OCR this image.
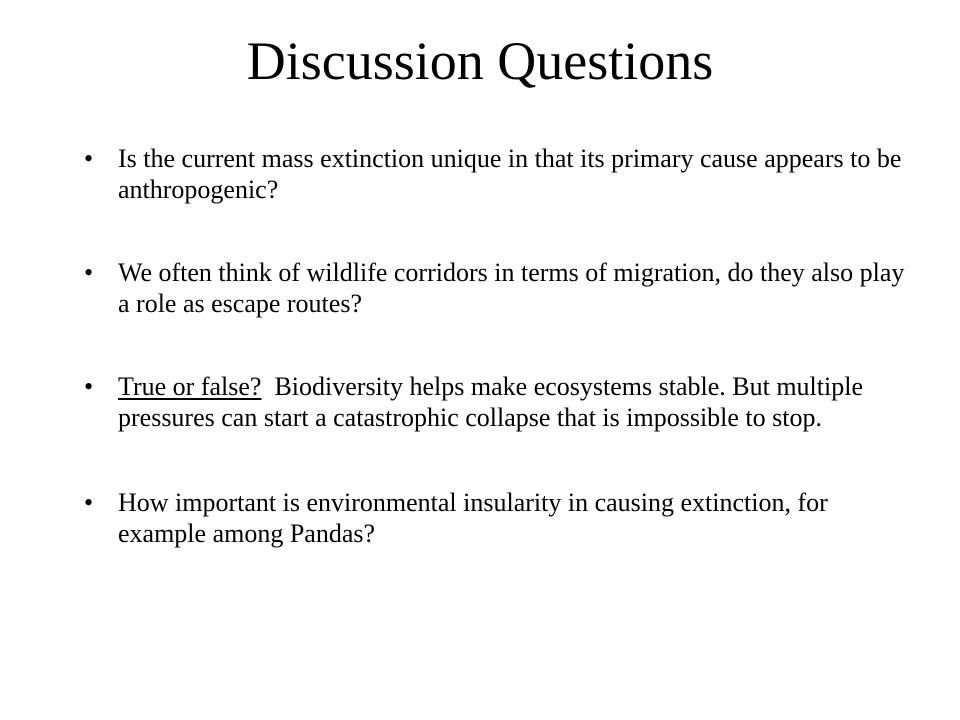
Discussion Questions
• Is the current mass extinction unique in that its primary cause appears to be anthropogenic?
• We often think of wildlife corridors in terms of migration, do they also play a role as escape routes?
• True or false?  Biodiversity helps make ecosystems stable. But multiple pressures can start a catastrophic collapse that is impossible to stop.
• How important is environmental insularity in causing extinction, for example among Pandas?
